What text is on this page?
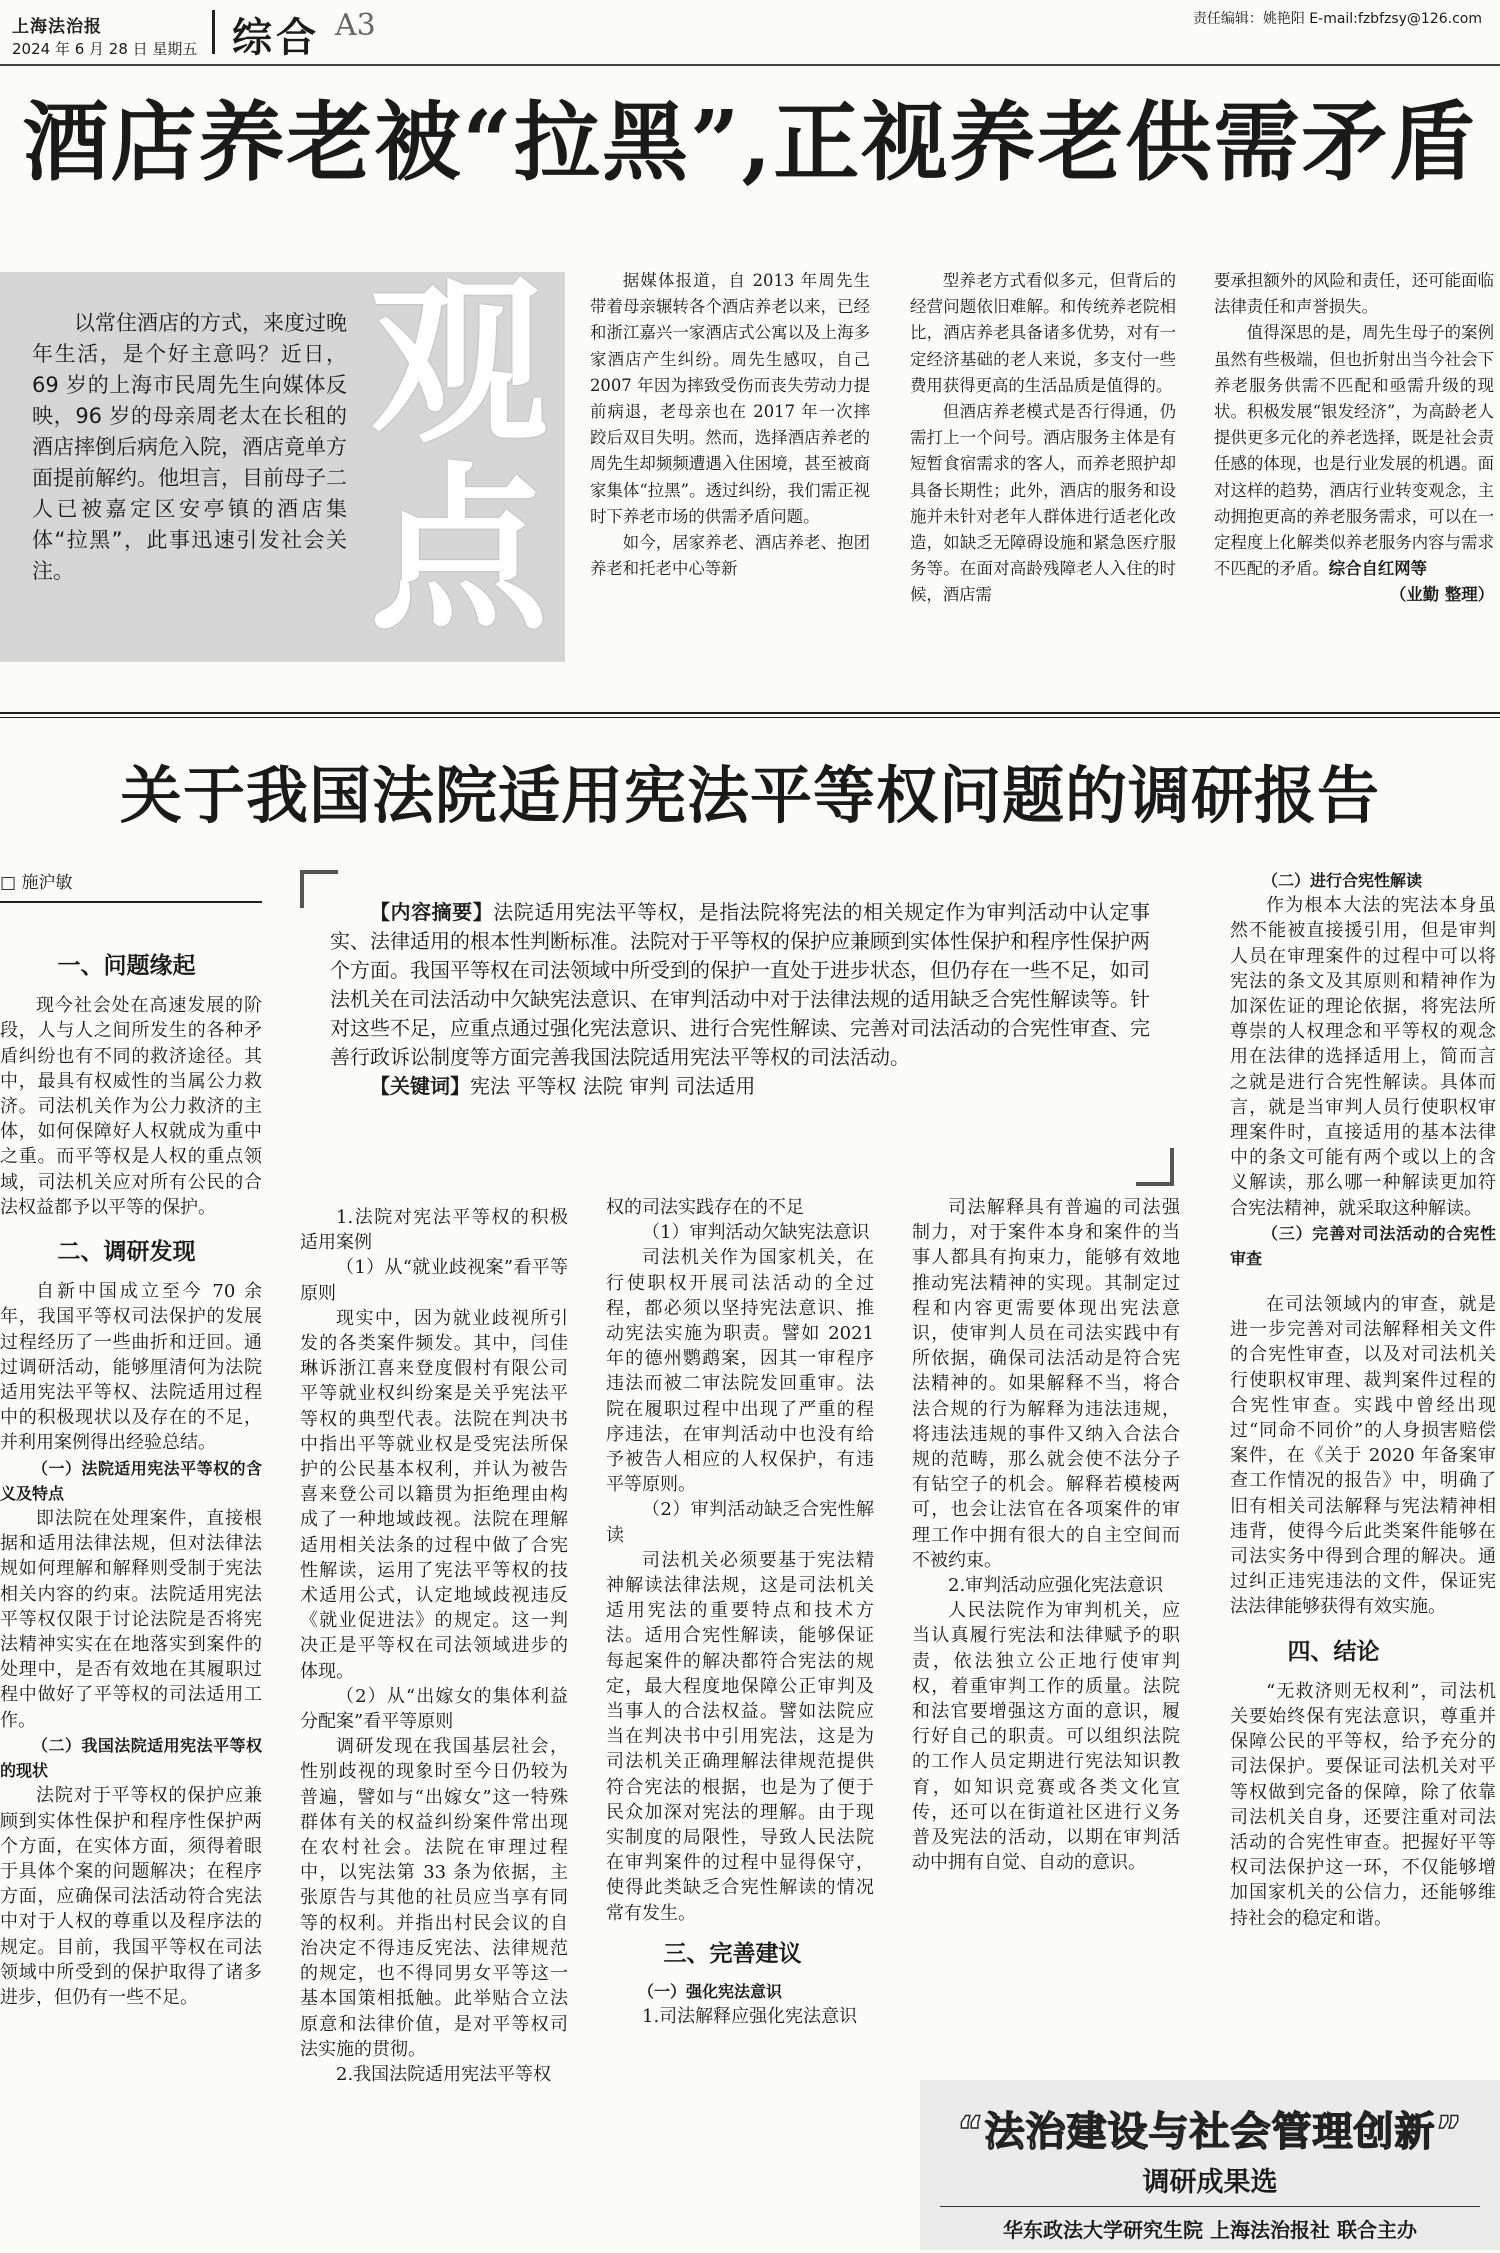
上海法治报
2024 年 6 月 28 日 星期五 综合 A3	责任编辑：姚艳阳 E-mail:fzbfzsy@126.com
酒店养老被“拉黑”,正视养老供需矛盾
观点

以常住酒店的方式，来度过晚年生活，是个好主意吗？近日，69 岁的上海市民周先生向媒体反映，96 岁的母亲周老太在长租的酒店摔倒后病危入院，酒店竟单方面提前解约。他坦言，目前母子二人已被嘉定区安亭镇的酒店集体“拉黑”，此事迅速引发社会关注。

据媒体报道，自 2013 年周先生带着母亲辗转各个酒店养老以来，已经和浙江嘉兴一家酒店式公寓以及上海多家酒店产生纠纷。周先生感叹，自己 2007 年因为摔致受伤而丧失劳动力提前病退，老母亲也在 2017 年一次摔跤后双目失明。然而，选择酒店养老的周先生却频频遭遇入住困境，甚至被商家集体“拉黑”。透过纠纷，我们需正视时下养老市场的供需矛盾问题。

如今，居家养老、酒店养老、抱团养老和托老中心等新

型养老方式看似多元，但背后的经营问题依旧难解。和传统养老院相比，酒店养老具备诸多优势，对有一定经济基础的老人来说，多支付一些费用获得更高的生活品质是值得的。

但酒店养老模式是否行得通，仍需打上一个问号。酒店服务主体是有短暂食宿需求的客人，而养老照护却具备长期性；此外，酒店的服务和设施并未针对老年人群体进行适老化改造，如缺乏无障碍设施和紧急医疗服务等。在面对高龄残障老人入住的时候，酒店需

要承担额外的风险和责任，还可能面临法律责任和声誉损失。

值得深思的是，周先生母子的案例虽然有些极端，但也折射出当今社会下养老服务供需不匹配和亟需升级的现状。积极发展“银发经济”，为高龄老人提供更多元化的养老选择，既是社会责任感的体现，也是行业发展的机遇。面对这样的趋势，酒店行业转变观念，主动拥抱更高的养老服务需求，可以在一定程度上化解类似养老服务内容与需求不匹配的矛盾。综合自红网等

（业勤 整理）
关于我国法院适用宪法平等权问题的调研报告
□ 施沪敏
一、问题缘起

现今社会处在高速发展的阶段，人与人之间所发生的各种矛盾纠纷也有不同的救济途径。其中，最具有权威性的当属公力救济。司法机关作为公力救济的主体，如何保障好人权就成为重中之重。而平等权是人权的重点领域，司法机关应对所有公民的合法权益都予以平等的保护。

二、调研发现

自新中国成立至今 70 余年，我国平等权司法保护的发展过程经历了一些曲折和迂回。通过调研活动，能够厘清何为法院适用宪法平等权、法院适用过程中的积极现状以及存在的不足，并利用案例得出经验总结。

（一）法院适用宪法平等权的含义及特点

即法院在处理案件，直接根据和适用法律法规，但对法律法规如何理解和解释则受制于宪法相关内容的约束。法院适用宪法平等权仅限于讨论法院是否将宪法精神实实在在地落实到案件的处理中，是否有效地在其履职过程中做好了平等权的司法适用工作。

（二）我国法院适用宪法平等权的现状

法院对于平等权的保护应兼顾到实体性保护和程序性保护两个方面，在实体方面，须得着眼于具体个案的问题解决；在程序方面，应确保司法活动符合宪法中对于人权的尊重以及程序法的规定。目前，我国平等权在司法领域中所受到的保护取得了诸多进步，但仍有一些不足。

【内容摘要】法院适用宪法平等权，是指法院将宪法的相关规定作为审判活动中认定事实、法律适用的根本性判断标准。法院对于平等权的保护应兼顾到实体性保护和程序性保护两个方面。我国平等权在司法领域中所受到的保护一直处于进步状态，但仍存在一些不足，如司法机关在司法活动中欠缺宪法意识、在审判活动中对于法律法规的适用缺乏合宪性解读等。针对这些不足，应重点通过强化宪法意识、进行合宪性解读、完善对司法活动的合宪性审查、完善行政诉讼制度等方面完善我国法院适用宪法平等权的司法活动。

【关键词】宪法 平等权 法院 审判 司法适用

1.法院对宪法平等权的积极适用案例

（1）从“就业歧视案”看平等原则

现实中，因为就业歧视所引发的各类案件频发。其中，闫佳琳诉浙江喜来登度假村有限公司平等就业权纠纷案是关乎宪法平等权的典型代表。法院在判决书中指出平等就业权是受宪法所保护的公民基本权利，并认为被告喜来登公司以籍贯为拒绝理由构成了一种地域歧视。法院在理解适用相关法条的过程中做了合宪性解读，运用了宪法平等权的技术适用公式，认定地域歧视违反《就业促进法》的规定。这一判决正是平等权在司法领域进步的体现。

（2）从“出嫁女的集体利益分配案”看平等原则

调研发现在我国基层社会，性别歧视的现象时至今日仍较为普遍，譬如与“出嫁女”这一特殊群体有关的权益纠纷案件常出现在农村社会。法院在审理过程中，以宪法第 33 条为依据，主张原告与其他的社员应当享有同等的权利。并指出村民会议的自治决定不得违反宪法、法律规范的规定，也不得同男女平等这一基本国策相抵触。此举贴合立法原意和法律价值，是对平等权司法实施的贯彻。

2.我国法院适用宪法平等权

权的司法实践存在的不足

（1）审判活动欠缺宪法意识

司法机关作为国家机关，在行使职权开展司法活动的全过程，都必须以坚持宪法意识、推动宪法实施为职责。譬如 2021 年的德州鹦鹉案，因其一审程序违法而被二审法院发回重审。法院在履职过程中出现了严重的程序违法，在审判活动中也没有给予被告人相应的人权保护，有违平等原则。

（2）审判活动缺乏合宪性解读

司法机关必须要基于宪法精神解读法律法规，这是司法机关适用宪法的重要特点和技术方法。适用合宪性解读，能够保证每起案件的解决都符合宪法的规定，最大程度地保障公正审判及当事人的合法权益。譬如法院应当在判决书中引用宪法，这是为司法机关正确理解法律规范提供符合宪法的根据，也是为了便于民众加深对宪法的理解。由于现实制度的局限性，导致人民法院在审判案件的过程中显得保守，使得此类缺乏合宪性解读的情况常有发生。

三、完善建议

（一）强化宪法意识

1.司法解释应强化宪法意识

司法解释具有普遍的司法强制力，对于案件本身和案件的当事人都具有拘束力，能够有效地推动宪法精神的实现。其制定过程和内容更需要体现出宪法意识，使审判人员在司法实践中有所依据，确保司法活动是符合宪法精神的。如果解释不当，将合法合规的行为解释为违法违规，将违法违规的事件又纳入合法合规的范畴，那么就会使不法分子有钻空子的机会。解释若模棱两可，也会让法官在各项案件的审理工作中拥有很大的自主空间而不被约束。

2.审判活动应强化宪法意识

人民法院作为审判机关，应当认真履行宪法和法律赋予的职责，依法独立公正地行使审判权，着重审判工作的质量。法院和法官要增强这方面的意识，履行好自己的职责。可以组织法院的工作人员定期进行宪法知识教育，如知识竞赛或各类文化宣传，还可以在街道社区进行义务普及宪法的活动，以期在审判活动中拥有自觉、自动的意识。

（二）进行合宪性解读

作为根本大法的宪法本身虽然不能被直接援引用，但是审判人员在审理案件的过程中可以将宪法的条文及其原则和精神作为加深佐证的理论依据，将宪法所尊崇的人权理念和平等权的观念用在法律的选择适用上，简而言之就是进行合宪性解读。具体而言，就是当审判人员行使职权审理案件时，直接适用的基本法律中的条文可能有两个或以上的含义解读，那么哪一种解读更加符合宪法精神，就采取这种解读。

（三）完善对司法活动的合宪性审查

在司法领域内的审查，就是进一步完善对司法解释相关文件的合宪性审查，以及对司法机关行使职权审理、裁判案件过程的合宪性审查。实践中曾经出现过“同命不同价”的人身损害赔偿案件，在《关于 2020 年备案审查工作情况的报告》中，明确了旧有相关司法解释与宪法精神相违背，使得今后此类案件能够在司法实务中得到合理的解决。通过纠正违宪违法的文件，保证宪法法律能够获得有效实施。

四、结论

“无救济则无权利”，司法机关要始终保有宪法意识，尊重并保障公民的平等权，给予充分的司法保护。要保证司法机关对平等权做到完备的保障，除了依靠司法机关自身，还要注重对司法活动的合宪性审查。把握好平等权司法保护这一环，不仅能够增加国家机关的公信力，还能够维持社会的稳定和谐。

“法治建设与社会管理创新”
调研成果选
华东政法大学研究生院 上海法治报社 联合主办
